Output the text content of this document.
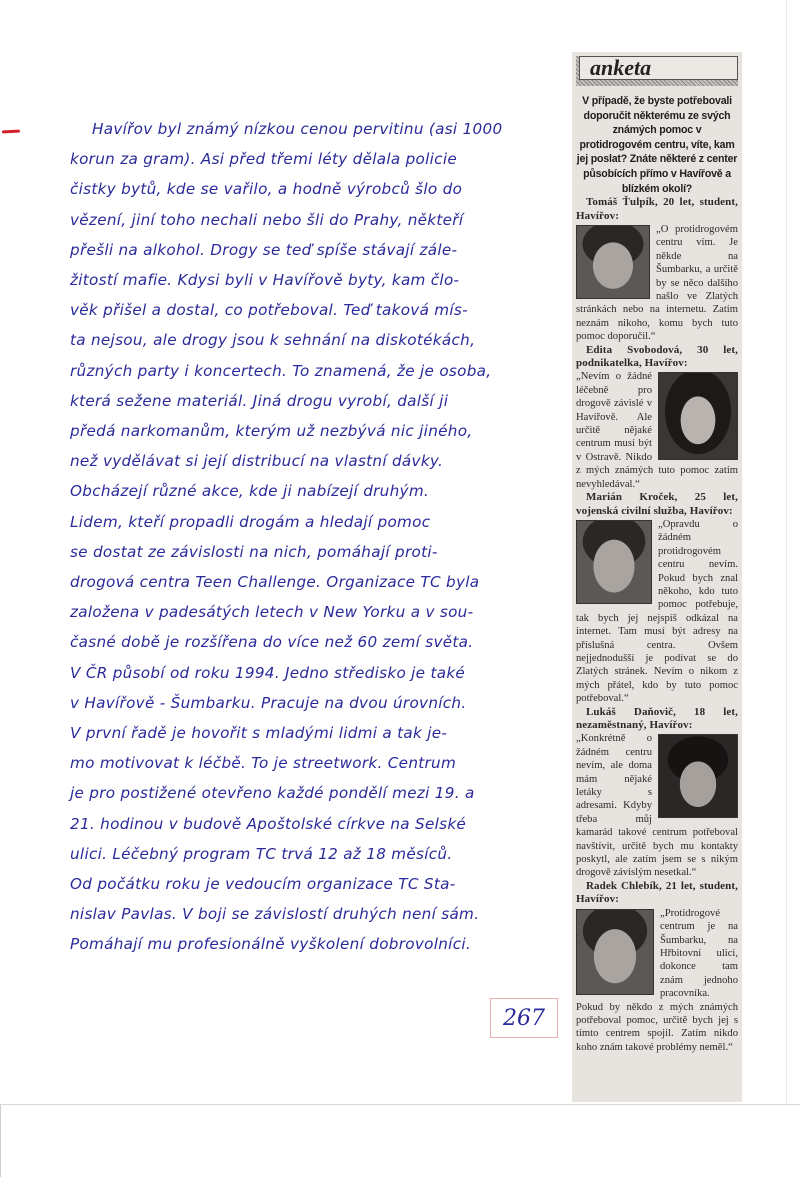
267
anketa
V případě, že byste potřebovali doporučit některému ze svých známých pomoc v protidrogovém centru, víte, kam jej poslat? Znáte některé z center působících přímo v Havířově a blízkém okolí?
Tomáš Ťulpík, 20 let, student, Havířov:
„O protidrogovém centru vím. Je někde na Šumbarku, a určitě by se něco dalšího našlo ve Zlatých stránkách nebo na internetu. Zatím neznám nikoho, komu bych tuto pomoc doporučil.“
Edita Svobodová, 30 let, podnikatelka, Havířov:
„Nevím o žádné léčebně pro drogově závislé v Havířově. Ale určitě nějaké centrum musí být v Ostravě. Nikdo z mých známých tuto pomoc zatím nevyhledával.“
Marián Kroček, 25 let, vojenská civilní služba, Havířov:
„Opravdu o žádném protidrogovém centru nevím. Pokud bych znal někoho, kdo tuto pomoc potřebuje, tak bych jej nejspíš odkázal na internet. Tam musí být adresy na příslušná centra. Ovšem nejjednodušší je podívat se do Zlatých stránek. Nevím o nikom z mých přátel, kdo by tuto pomoc potřeboval.“
Lukáš Daňovič, 18 let, nezaměstnaný, Havířov:
„Konkrétně o žádném centru nevím, ale doma mám nějaké letáky s adresami. Kdyby třeba můj kamarád takové centrum potřeboval navštívit, určitě bych mu kontakty poskytl, ale zatím jsem se s nikým drogově závislým nesetkal.“
Radek Chlebík, 21 let, student, Havířov:
„Protidrogové centrum je na Šumbarku, na Hřbitovní ulici, dokonce tam znám jednoho pracovníka. Pokud by někdo z mých známých potřeboval pomoc, určitě bych jej s tímto centrem spojil. Zatím nikdo koho znám takové problémy neměl.“
Havířov byl známý nízkou cenou pervitinu (asi 1000
korun za gram). Asi před třemi léty dělala policie
čistky bytů, kde se vařilo, a hodně výrobců šlo do
vězení, jiní toho nechali nebo šli do Prahy, někteří
přešli na alkohol. Drogy se teď spíše stávají zále-
žitostí mafie. Kdysi byli v Havířově byty, kam člo-
věk přišel a dostal, co potřeboval. Teď taková mís-
ta nejsou, ale drogy jsou k sehnání na diskotékách,
různých party i koncertech. To znamená, že je osoba,
která sežene materiál. Jiná drogu vyrobí, další ji
předá narkomanům, kterým už nezbývá nic jiného,
než vydělávat si její distribucí na vlastní dávky.
Obcházejí různé akce, kde ji nabízejí druhým.
Lidem, kteří propadli drogám a hledají pomoc
se dostat ze závislosti na nich, pomáhají proti-
drogová centra Teen Challenge. Organizace TC byla
založena v padesátých letech v New Yorku a v sou-
časné době je rozšířena do více než 60 zemí světa.
V ČR působí od roku 1994. Jedno středisko je také
v Havířově - Šumbarku. Pracuje na dvou úrovních.
V první řadě je hovořit s mladými lidmi a tak je-
mo motivovat k léčbě. To je streetwork. Centrum
je pro postižené otevřeno každé pondělí mezi 19. a
21. hodinou v budově Apoštolské církve na Selské
ulici. Léčebný program TC trvá 12 až 18 měsíců.
Od počátku roku je vedoucím organizace TC Sta-
nislav Pavlas. V boji se závislostí druhých není sám.
Pomáhají mu profesionálně vyškolení dobrovolníci.
